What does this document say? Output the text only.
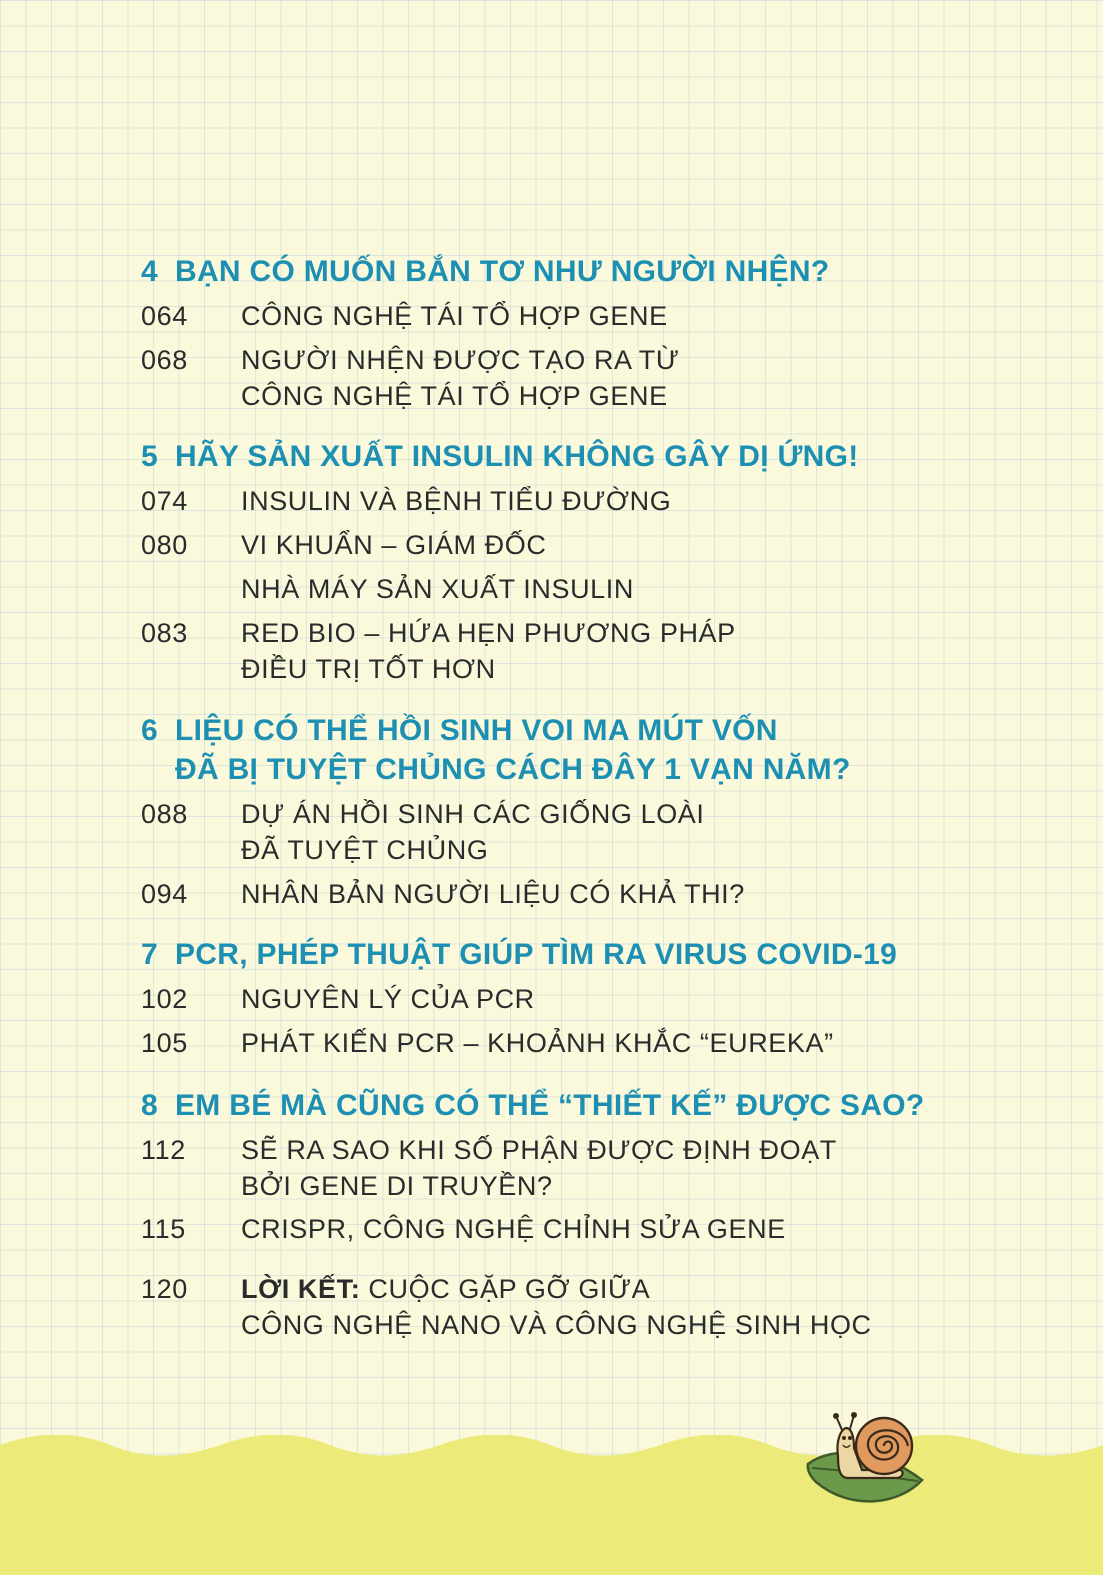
4 BẠN CÓ MUỐN BẮN TƠ NHƯ NGƯỜI NHỆN?
064 CÔNG NGHỆ TÁI TỔ HỢP GENE
068 NGƯỜI NHỆN ĐƯỢC TẠO RA TỪ
CÔNG NGHỆ TÁI TỔ HỢP GENE
5 HÃY SẢN XUẤT INSULIN KHÔNG GÂY DỊ ỨNG!
074 INSULIN VÀ BỆNH TIỂU ĐƯỜNG
080 VI KHUẨN – GIÁM ĐỐC
NHÀ MÁY SẢN XUẤT INSULIN
083 RED BIO – HỨA HẸN PHƯƠNG PHÁP
ĐIỀU TRỊ TỐT HƠN
6 LIỆU CÓ THỂ HỒI SINH VOI MA MÚT VỐN
ĐÃ BỊ TUYỆT CHỦNG CÁCH ĐÂY 1 VẠN NĂM?
088 DỰ ÁN HỒI SINH CÁC GIỐNG LOÀI
ĐÃ TUYỆT CHỦNG
094 NHÂN BẢN NGƯỜI LIỆU CÓ KHẢ THI?
7 PCR, PHÉP THUẬT GIÚP TÌM RA VIRUS COVID-19
102 NGUYÊN LÝ CỦA PCR
105 PHÁT KIẾN PCR – KHOẢNH KHẮC “EUREKA”
8 EM BÉ MÀ CŨNG CÓ THỂ “THIẾT KẾ” ĐƯỢC SAO?
112 SẼ RA SAO KHI SỐ PHẬN ĐƯỢC ĐỊNH ĐOẠT
BỞI GENE DI TRUYỀN?
115 CRISPR, CÔNG NGHỆ CHỈNH SỬA GENE
120 LỜI KẾT: CUỘC GẶP GỠ GIỮA
CÔNG NGHỆ NANO VÀ CÔNG NGHỆ SINH HỌC
